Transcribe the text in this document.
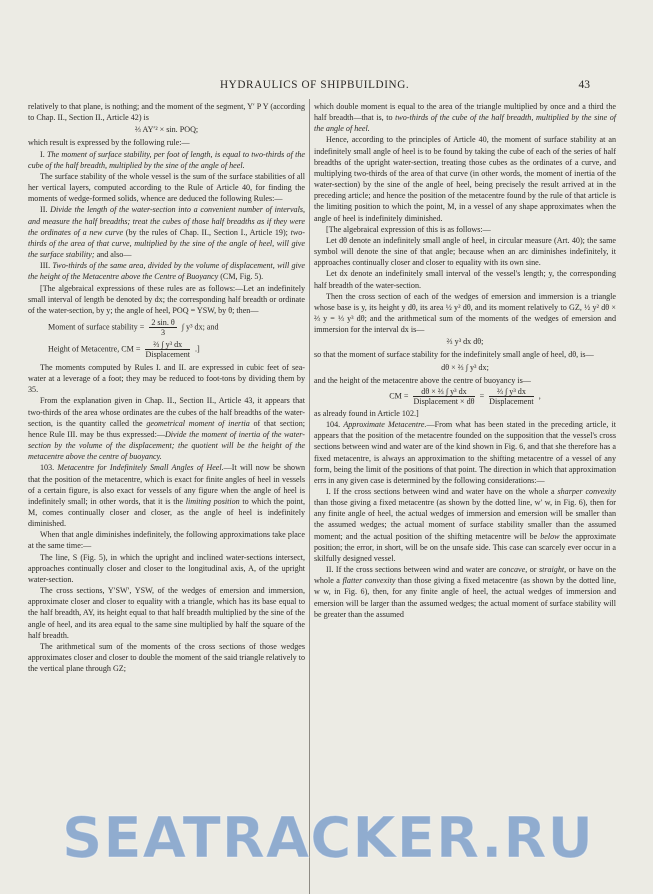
HYDRAULICS OF SHIPBUILDING.	43

relatively to that plane, is nothing; and the moment of the segment, Y′ P Y (according to Chap. II., Section II., Article 42) is

⅔ AY′² × sin. POQ;

which result is expressed by the following rule:—

I. The moment of surface stability, per foot of length, is equal to two-thirds of the cube of the half breadth, multiplied by the sine of the angle of heel.

The surface stability of the whole vessel is the sum of the surface stabilities of all her vertical layers, computed according to the Rule of Article 40, for finding the moments of wedge-formed solids, whence are deduced the following Rules:—

II. Divide the length of the water-section into a convenient number of intervals, and measure the half breadths; treat the cubes of those half breadths as if they were the ordinates of a new curve (by the rules of Chap. II., Section I., Article 19); two-thirds of the area of that curve, multiplied by the sine of the angle of heel, will give the surface stability; and also—

III. Two-thirds of the same area, divided by the volume of displacement, will give the height of the Metacentre above the Centre of Buoyancy (CM, Fig. 5).

[The algebraical expressions of these rules are as follows:—Let an indefinitely small interval of length be denoted by dx; the corresponding half breadth or ordinate of the water-section, by y; the angle of heel, POQ = YSW, by θ; then—

Moment of surface stability = $\frac{2 \sin. \theta}{3}$ ∫ y³ dx; and
Height of Metacentre, CM = $\frac{\text{⅔ ∫ y³ dx}}{\text{Displacement}}$ .]

The moments computed by Rules I. and II. are expressed in cubic feet of sea-water at a leverage of a foot; they may be reduced to foot-tons by dividing them by 35.

From the explanation given in Chap. II., Section II., Article 43, it appears that two-thirds of the area whose ordinates are the cubes of the half breadths of the water-section, is the quantity called the geometrical moment of inertia of that section; hence Rule III. may be thus expressed:—Divide the moment of inertia of the water-section by the volume of the displacement; the quotient will be the height of the metacentre above the centre of buoyancy.

103. Metacentre for Indefinitely Small Angles of Heel.—It will now be shown that the position of the metacentre, which is exact for finite angles of heel in vessels of a certain figure, is also exact for vessels of any figure when the angle of heel is indefinitely small; in other words, that it is the limiting position to which the point, M, comes continually closer and closer, as the angle of heel is indefinitely diminished.

When that angle diminishes indefinitely, the following approximations take place at the same time:—

The line, S (Fig. 5), in which the upright and inclined water-sections intersect, approaches continually closer and closer to the longitudinal axis, A, of the upright water-section.

The cross sections, Y′SW′, YSW, of the wedges of emersion and immersion, approximate closer and closer to equality with a triangle, which has its base equal to the half breadth, AY, its height equal to that half breadth multiplied by the sine of the angle of heel, and its area equal to the same sine multiplied by half the square of the half breadth.

The arithmetical sum of the moments of the cross sections of those wedges approximates closer and closer to double the moment of the said triangle relatively to the vertical plane through GZ;

which double moment is equal to the area of the triangle multiplied by once and a third the half breadth—that is, to two-thirds of the cube of the half breadth, multiplied by the sine of the angle of heel.

Hence, according to the principles of Article 40, the moment of surface stability at an indefinitely small angle of heel is to be found by taking the cube of each of the series of half breadths of the upright water-section, treating those cubes as the ordinates of a curve, and multiplying two-thirds of the area of that curve (in other words, the moment of inertia of the water-section) by the sine of the angle of heel, being precisely the result arrived at in the preceding article; and hence the position of the metacentre found by the rule of that article is the limiting position to which the point, M, in a vessel of any shape approximates when the angle of heel is indefinitely diminished.

[The algebraical expression of this is as follows:—

Let dθ denote an indefinitely small angle of heel, in circular measure (Art. 40); the same symbol will denote the sine of that angle; because when an arc diminishes indefinitely, it approaches continually closer and closer to equality with its own sine.

Let dx denote an indefinitely small interval of the vessel's length; y, the corresponding half breadth of the water-section.

Then the cross section of each of the wedges of emersion and immersion is a triangle whose base is y, its height y dθ, its area ½ y² dθ, and its moment relatively to GZ, ½ y² dθ × ⅔ y = ⅓ y³ dθ; and the arithmetical sum of the moments of the wedges of emersion and immersion for the interval dx is—

⅔ y³ dx dθ;

so that the moment of surface stability for the indefinitely small angle of heel, dθ, is—

dθ × ⅔ ∫ y³ dx;

and the height of the metacentre above the centre of buoyancy is—

CM = $\frac{\text{dθ × ⅔ ∫ y³ dx}}{\text{Displacement × dθ}} = \frac{\text{⅔ ∫ y³ dx}}{\text{Displacement}}$ ,

as already found in Article 102.]

104. Approximate Metacentre.—From what has been stated in the preceding article, it appears that the position of the metacentre founded on the supposition that the vessel's cross sections between wind and water are of the kind shown in Fig. 6, and that she therefore has a fixed metacentre, is always an approximation to the shifting metacentre of a vessel of any form, being the limit of the positions of that point. The direction in which that approximation errs in any given case is determined by the following considerations:—

I. If the cross sections between wind and water have on the whole a sharper convexity than those giving a fixed metacentre (as shown by the dotted line, w′ w, in Fig. 6), then for any finite angle of heel, the actual wedges of immersion and emersion will be smaller than the assumed wedges; the actual moment of surface stability smaller than the assumed moment; and the actual position of the shifting metacentre will be below the approximate position; the error, in short, will be on the unsafe side. This case can scarcely ever occur in a skilfully designed vessel.

II. If the cross sections between wind and water are concave, or straight, or have on the whole a flatter convexity than those giving a fixed metacentre (as shown by the dotted line, w w, in Fig. 6), then, for any finite angle of heel, the actual wedges of immersion and emersion will be larger than the assumed wedges; the actual moment of surface stability will be greater than the assumed

SEATRACKER.RU
